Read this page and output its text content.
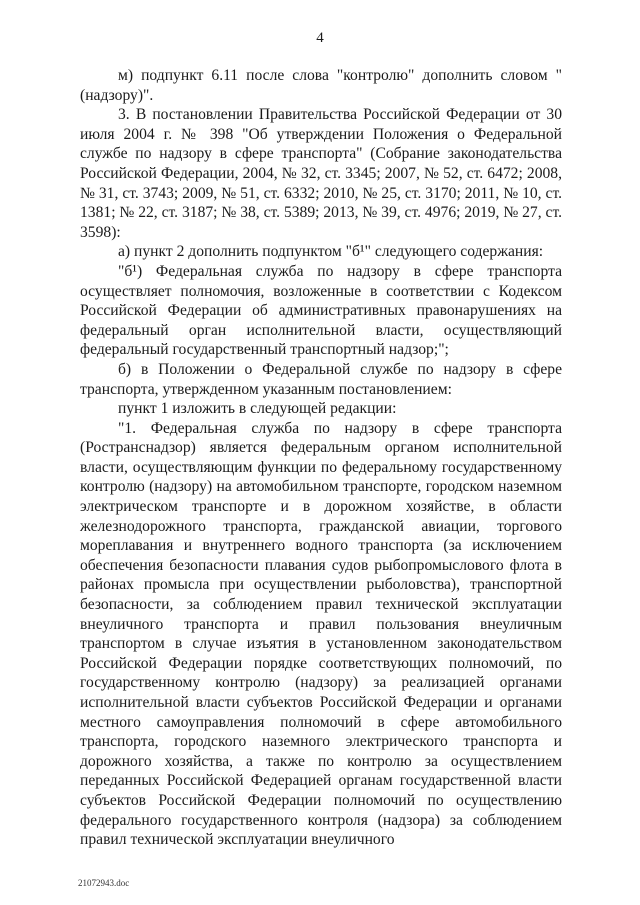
4

м) подпункт 6.11 после слова "контролю" дополнить словом "(надзору)".

3. В постановлении Правительства Российской Федерации от 30 июля 2004 г. № 398 "Об утверждении Положения о Федеральной службе по надзору в сфере транспорта" (Собрание законодательства Российской Федерации, 2004, № 32, ст. 3345; 2007, № 52, ст. 6472; 2008, № 31, ст. 3743; 2009, № 51, ст. 6332; 2010, № 25, ст. 3170; 2011, № 10, ст. 1381; № 22, ст. 3187; № 38, ст. 5389; 2013, № 39, ст. 4976; 2019, № 27, ст. 3598):

а) пункт 2 дополнить подпунктом "б¹" следующего содержания:

"б¹) Федеральная служба по надзору в сфере транспорта осуществляет полномочия, возложенные в соответствии с Кодексом Российской Федерации об административных правонарушениях на федеральный орган исполнительной власти, осуществляющий федеральный государственный транспортный надзор;";

б) в Положении о Федеральной службе по надзору в сфере транспорта, утвержденном указанным постановлением:

пункт 1 изложить в следующей редакции:

"1. Федеральная служба по надзору в сфере транспорта (Ространснадзор) является федеральным органом исполнительной власти, осуществляющим функции по федеральному государственному контролю (надзору) на автомобильном транспорте, городском наземном электрическом транспорте и в дорожном хозяйстве, в области железнодорожного транспорта, гражданской авиации, торгового мореплавания и внутреннего водного транспорта (за исключением обеспечения безопасности плавания судов рыбопромыслового флота в районах промысла при осуществлении рыболовства), транспортной безопасности, за соблюдением правил технической эксплуатации внеуличного транспорта и правил пользования внеуличным транспортом в случае изъятия в установленном законодательством Российской Федерации порядке соответствующих полномочий, по государственному контролю (надзору) за реализацией органами исполнительной власти субъектов Российской Федерации и органами местного самоуправления полномочий в сфере автомобильного транспорта, городского наземного электрического транспорта и дорожного хозяйства, а также по контролю за осуществлением переданных Российской Федерацией органам государственной власти субъектов Российской Федерации полномочий по осуществлению федерального государственного контроля (надзора) за соблюдением правил технической эксплуатации внеуличного

21072943.doc
